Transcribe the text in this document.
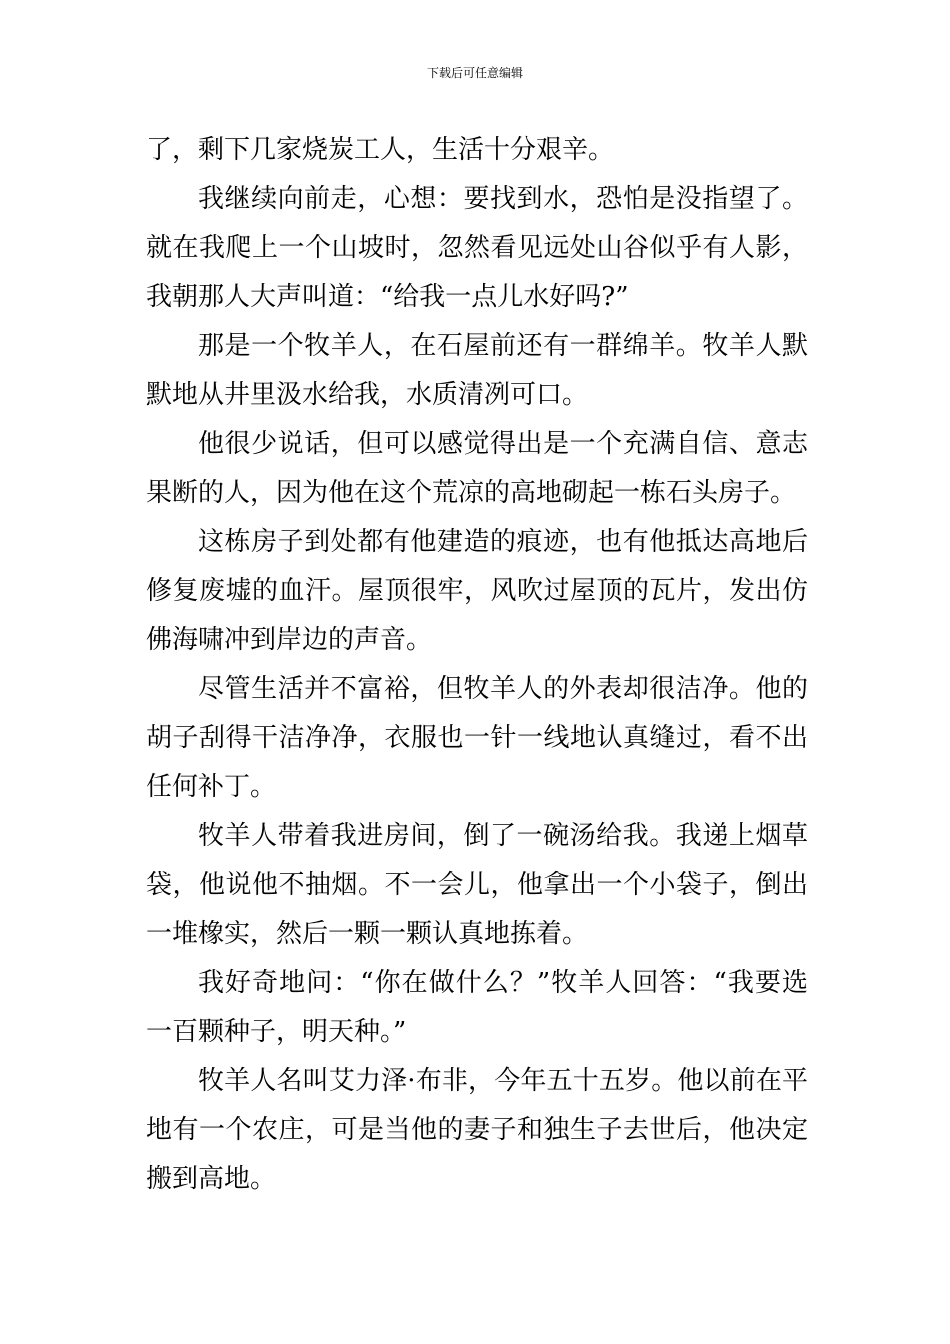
下载后可任意编辑

了，剩下几家烧炭工人，生活十分艰辛。

我继续向前走，心想：要找到水，恐怕是没指望了。就在我爬上一个山坡时，忽然看见远处山谷似乎有人影，我朝那人大声叫道：“给我一点儿水好吗?”

那是一个牧羊人，在石屋前还有一群绵羊。牧羊人默默地从井里汲水给我，水质清冽可口。

他很少说话，但可以感觉得出是一个充满自信、意志果断的人，因为他在这个荒凉的高地砌起一栋石头房子。

这栋房子到处都有他建造的痕迹，也有他抵达高地后修复废墟的血汗。屋顶很牢，风吹过屋顶的瓦片，发出仿佛海啸冲到岸边的声音。

尽管生活并不富裕，但牧羊人的外表却很洁净。他的胡子刮得干洁净净，衣服也一针一线地认真缝过，看不出任何补丁。

牧羊人带着我进房间，倒了一碗汤给我。我递上烟草袋，他说他不抽烟。不一会儿，他拿出一个小袋子，倒出一堆橡实，然后一颗一颗认真地拣着。

我好奇地问：“你在做什么？”牧羊人回答：“我要选一百颗种子，明天种。”

牧羊人名叫艾力泽·布非，今年五十五岁。他以前在平地有一个农庄，可是当他的妻子和独生子去世后，他决定搬到高地。
